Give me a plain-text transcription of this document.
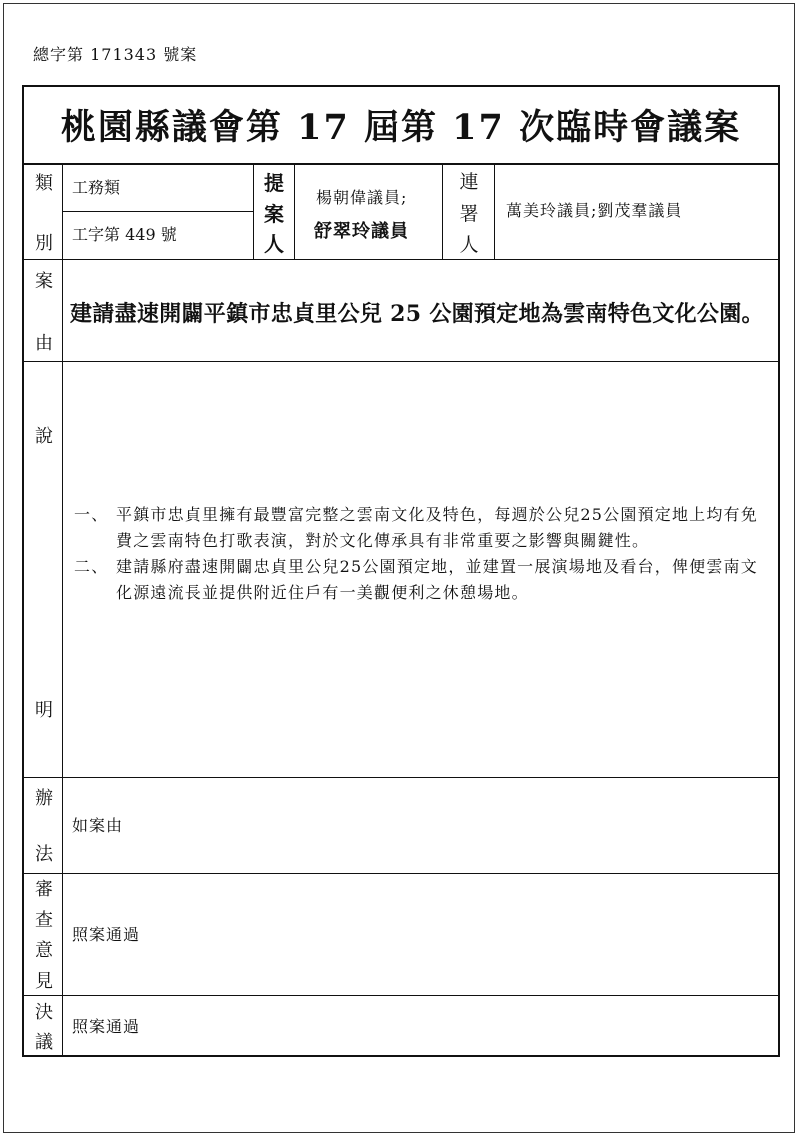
總字第 171343 號案
桃園縣議會第 17 屆第 17 次臨時會議案
類
別
工務類
工字第 449 號
提
案
人
楊朝偉議員;
舒翠玲議員
連
署
人
萬美玲議員;劉茂羣議員
案
由
建請盡速開闢平鎮市忠貞里公兒 25 公園預定地為雲南特色文化公園。
說
明
一、 平鎮市忠貞里擁有最豐富完整之雲南文化及特色，每週於公兒25公園預定地上均有免費之雲南特色打歌表演，對於文化傳承具有非常重要之影響與關鍵性。
二、 建請縣府盡速開闢忠貞里公兒25公園預定地，並建置一展演場地及看台，俾便雲南文化源遠流長並提供附近住戶有一美觀便利之休憩場地。
辦
法
如案由
審
查
意
見
照案通過
決
議
照案通過
